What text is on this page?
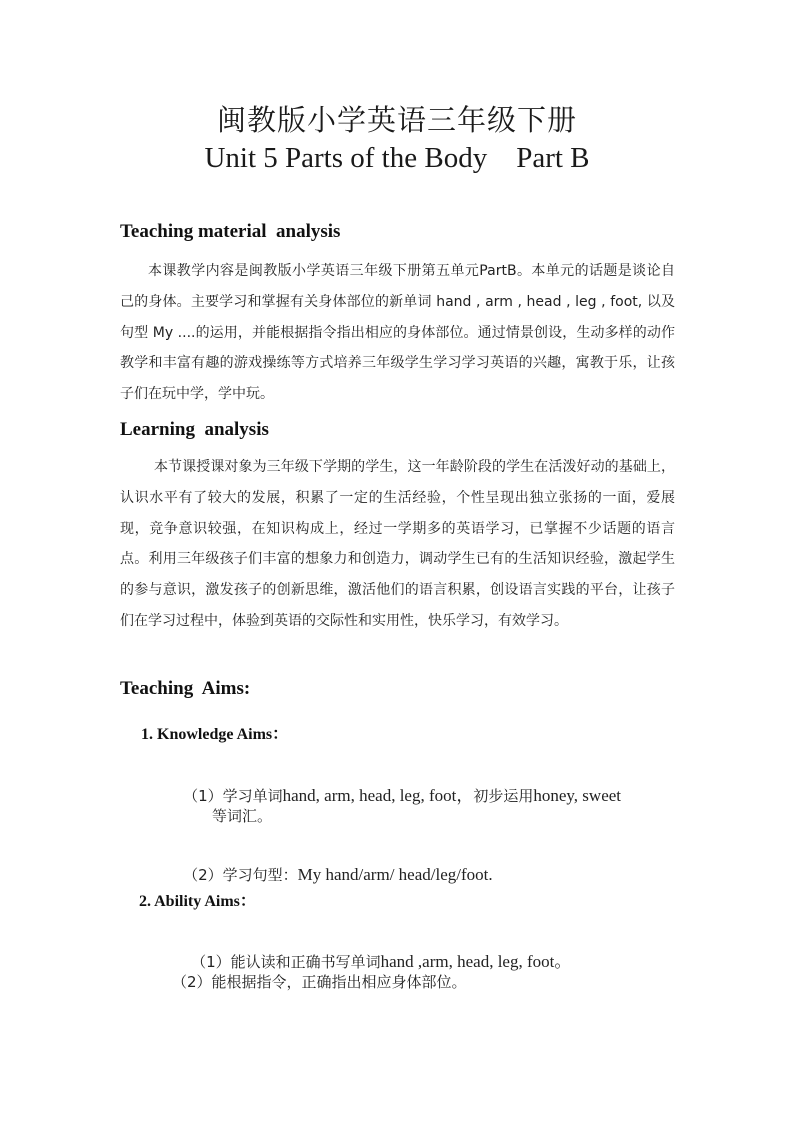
闽教版小学英语三年级下册
Unit 5 Parts of the Body    Part B
Teaching material  analysis
本课教学内容是闽教版小学英语三年级下册第五单元PartB。本单元的话题是谈论自己的身体。主要学习和掌握有关身体部位的新单词 hand , arm , head , leg , foot, 以及句型 My ....的运用，并能根据指令指出相应的身体部位。通过情景创设，生动多样的动作教学和丰富有趣的游戏操练等方式培养三年级学生学习学习英语的兴趣，寓教于乐，让孩子们在玩中学，学中玩。
Learning  analysis
本节课授课对象为三年级下学期的学生，这一年龄阶段的学生在活泼好动的基础上，认识水平有了较大的发展，积累了一定的生活经验，个性呈现出独立张扬的一面，爱展现，竞争意识较强，在知识构成上，经过一学期多的英语学习，已掌握不少话题的语言点。利用三年级孩子们丰富的想象力和创造力，调动学生已有的生活知识经验，激起学生的参与意识，激发孩子的创新思维，激活他们的语言积累，创设语言实践的平台，让孩子们在学习过程中，体验到英语的交际性和实用性，快乐学习，有效学习。
Teaching  Aims:
1. Knowledge Aims：

（1）学习单词hand, arm, head, leg, foot，初步运用honey, sweet

等词汇。

（2）学习句型：My hand/arm/ head/leg/foot.

2. Ability Aims：

（1）能认读和正确书写单词hand ,arm, head, leg, foot。

（2）能根据指令，正确指出相应身体部位。
